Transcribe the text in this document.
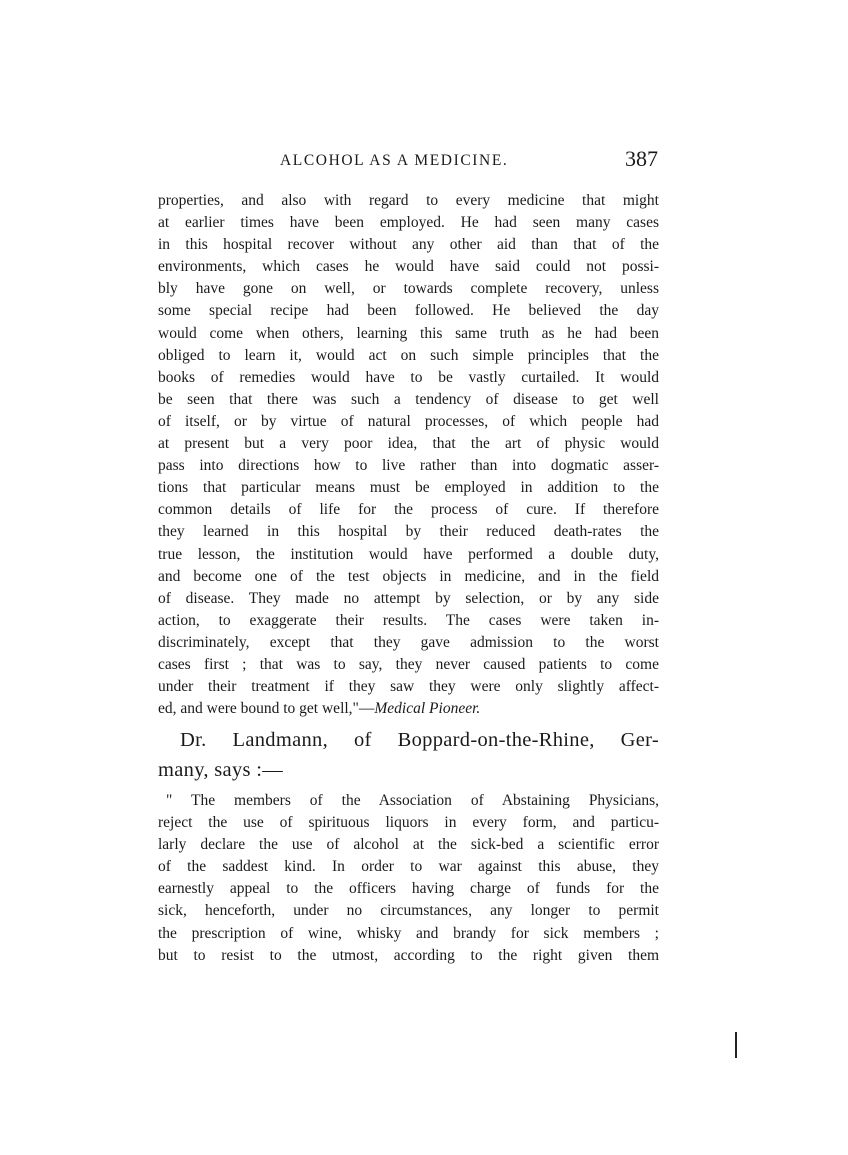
ALCOHOL AS A MEDICINE.	387
properties, and also with regard to every medicine that might
at earlier times have been employed. He had seen many cases
in this hospital recover without any other aid than that of the
environments, which cases he would have said could not possi-
bly have gone on well, or towards complete recovery, unless
some special recipe had been followed. He believed the day
would come when others, learning this same truth as he had been
obliged to learn it, would act on such simple principles that the
books of remedies would have to be vastly curtailed. It would
be seen that there was such a tendency of disease to get well
of itself, or by virtue of natural processes, of which people had
at present but a very poor idea, that the art of physic would
pass into directions how to live rather than into dogmatic asser-
tions that particular means must be employed in addition to the
common details of life for the process of cure. If therefore
they learned in this hospital by their reduced death-rates the
true lesson, the institution would have performed a double duty,
and become one of the test objects in medicine, and in the field
of disease. They made no attempt by selection, or by any side
action, to exaggerate their results. The cases were taken in-
discriminately, except that they gave admission to the worst
cases first ; that was to say, they never caused patients to come
under their treatment if they saw they were only slightly affect-
ed, and were bound to get well,"—Medical Pioneer.
Dr. Landmann, of Boppard-on-the-Rhine, Ger-
many, says :—
" The members of the Association of Abstaining Physicians,
reject the use of spirituous liquors in every form, and particu-
larly declare the use of alcohol at the sick-bed a scientific error
of the saddest kind. In order to war against this abuse, they
earnestly appeal to the officers having charge of funds for the
sick, henceforth, under no circumstances, any longer to permit
the prescription of wine, whisky and brandy for sick members ;
but to resist to the utmost, according to the right given them
